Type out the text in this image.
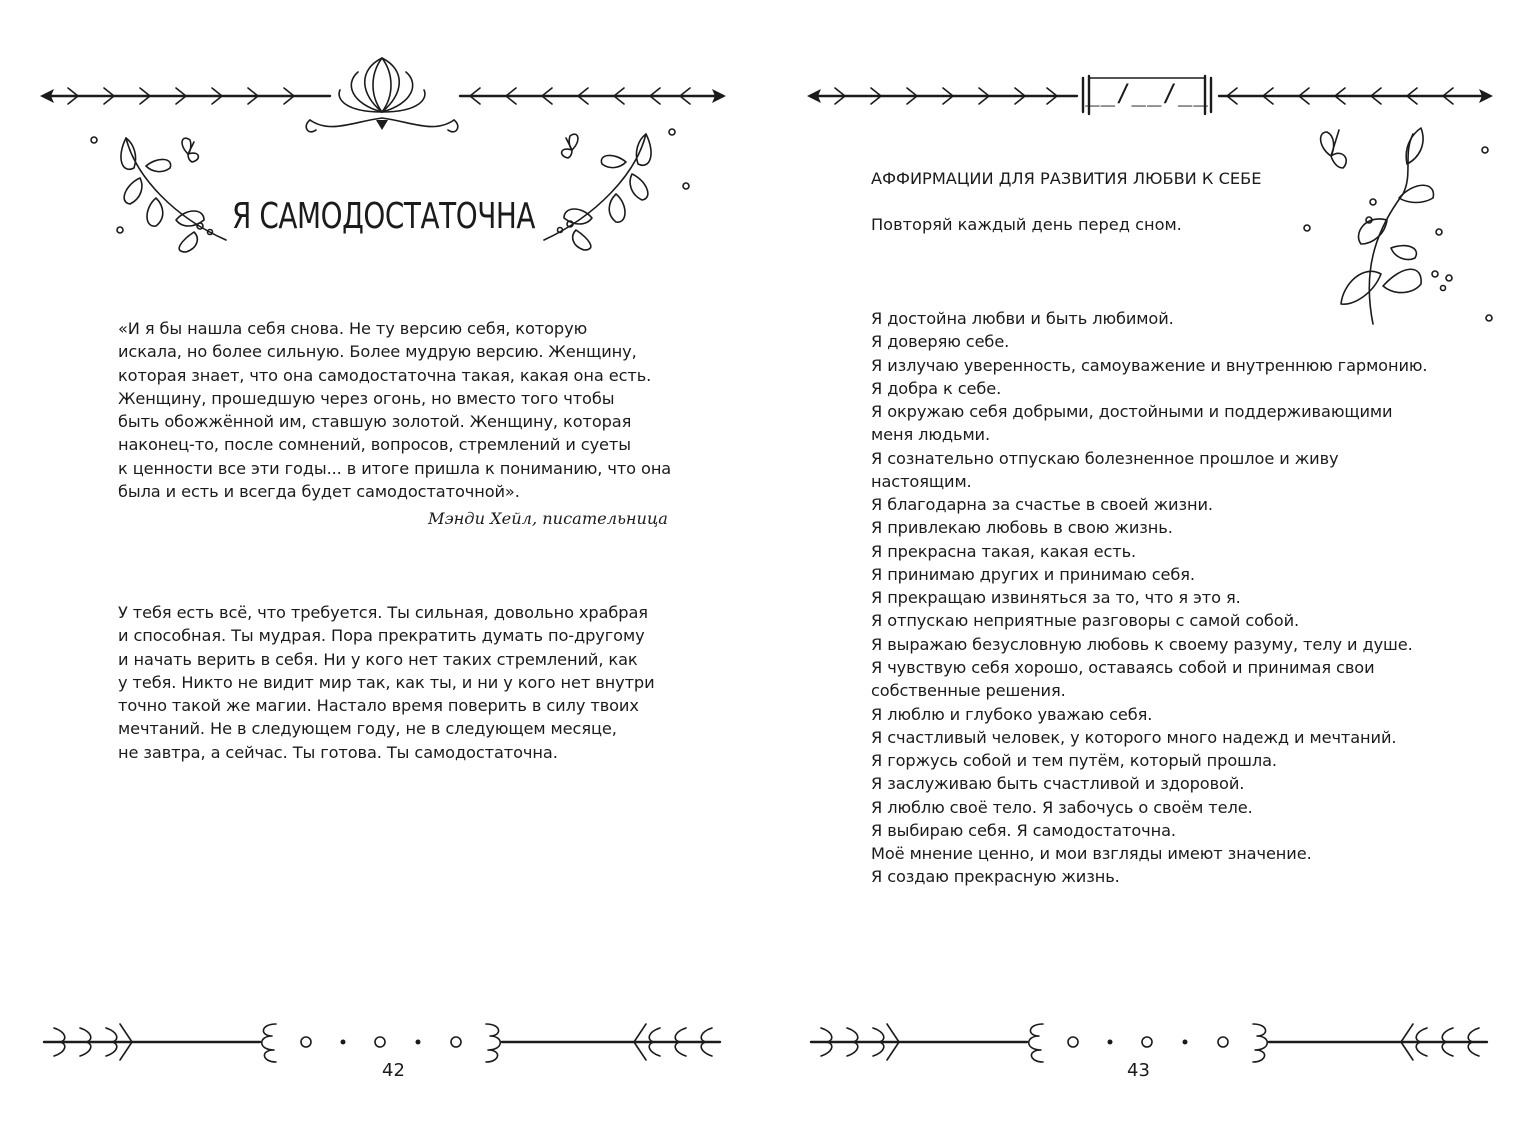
Я САМОДОСТАТОЧНА
«И я бы нашла себя снова. Не ту версию себя, которую
искала, но более сильную. Более мудрую версию. Женщину,
которая знает, что она самодостаточна такая, какая она есть.
Женщину, прошедшую через огонь, но вместо того чтобы
быть обожжённой им, ставшую золотой. Женщину, которая
наконец-то, после сомнений, вопросов, стремлений и суеты
к ценности все эти годы... в итоге пришла к пониманию, что она
была и есть и всегда будет самодостаточной».
Мэнди Хейл, писательница
У тебя есть всё, что требуется. Ты сильная, довольно храбрая
и способная. Ты мудрая. Пора прекратить думать по-другому
и начать верить в себя. Ни у кого нет таких стремлений, как
у тебя. Никто не видит мир так, как ты, и ни у кого нет внутри
точно такой же магии. Настало время поверить в силу твоих
мечтаний. Не в следующем году, не в следующем месяце,
не завтра, а сейчас. Ты готова. Ты самодостаточна.
42
__/__/__
АФФИРМАЦИИ ДЛЯ РАЗВИТИЯ ЛЮБВИ К СЕБЕ
Повторяй каждый день перед сном.
Я достойна любви и быть любимой.
Я доверяю себе.
Я излучаю уверенность, самоуважение и внутреннюю гармонию.
Я добра к себе.
Я окружаю себя добрыми, достойными и поддерживающими
меня людьми.
Я сознательно отпускаю болезненное прошлое и живу
настоящим.
Я благодарна за счастье в своей жизни.
Я привлекаю любовь в свою жизнь.
Я прекрасна такая, какая есть.
Я принимаю других и принимаю себя.
Я прекращаю извиняться за то, что я это я.
Я отпускаю неприятные разговоры с самой собой.
Я выражаю безусловную любовь к своему разуму, телу и душе.
Я чувствую себя хорошо, оставаясь собой и принимая свои
собственные решения.
Я люблю и глубоко уважаю себя.
Я счастливый человек, у которого много надежд и мечтаний.
Я горжусь собой и тем путём, который прошла.
Я заслуживаю быть счастливой и здоровой.
Я люблю своё тело. Я забочусь о своём теле.
Я выбираю себя. Я самодостаточна.
Моё мнение ценно, и мои взгляды имеют значение.
Я создаю прекрасную жизнь.
43
